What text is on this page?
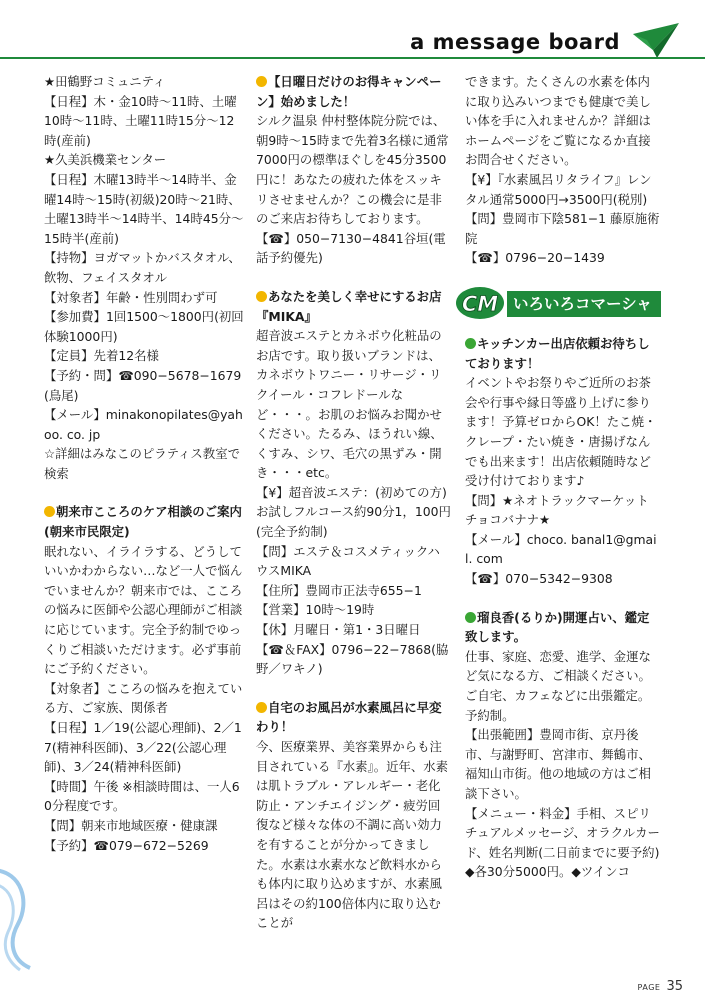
a message board

★田鶴野コミュニティ

【日程】木・金10時〜11時、土曜10時〜11時、土曜11時15分〜12時(産前)

★久美浜機業センター

【日程】木曜13時半〜14時半、金曜14時〜15時(初級)20時〜21時、土曜13時半〜14時半、14時45分〜15時半(産前)

【持物】ヨガマットかバスタオル、飲物、フェイスタオル

【対象者】年齢・性別問わず可

【参加費】1回1500〜1800円(初回体験1000円)

【定員】先着12名様

【予約・問】☎090−5678−1679(鳥尾)

【メール】minakonopilates@yahoo. co. jp

☆詳細はみなこのピラティス教室で検索

朝来市こころのケア相談のご案内(朝来市民限定)

眠れない、イライラする、どうしていいかわからない…など一人で悩んでいませんか？朝来市では、こころの悩みに医師や公認心理師がご相談に応じています。完全予約制でゆっくりご相談いただけます。必ず事前にご予約ください。

【対象者】こころの悩みを抱えている方、ご家族、関係者

【日程】1／19(公認心理師)、2／17(精神科医師)、3／22(公認心理師)、3／24(精神科医師)

【時間】午後 ※相談時間は、一人60分程度です。

【問】朝来市地域医療・健康課

【予約】☎079−672−5269

【日曜日だけのお得キャンペーン】始めました！

シルク温泉 仲村整体院分院では、朝9時〜15時まで先着3名様に通常7000円の標準ほぐしを45分3500円に！あなたの疲れた体をスッキリさせませんか？この機会に是非のご来店お待ちしております。

【☎】050−7130−4841谷垣(電話予約優先)

あなたを美しく幸せにするお店『MIKA』

超音波エステとカネボウ化粧品のお店です。取り扱いブランドは、カネボウトワニー・リサージ・リクイール・コフレドールなど・・・。お肌のお悩みお聞かせください。たるみ、ほうれい線、くすみ、シワ、毛穴の黒ずみ・開き・・・etc。

【¥】超音波エステ：(初めての方)お試しフルコース約90分1，100円(完全予約制)

【問】エステ＆コスメティックハウスMIKA

【住所】豊岡市正法寺655−1

【営業】10時〜19時

【休】月曜日・第1・3日曜日

【☎＆FAX】0796−22−7868(脇野／ワキノ)

自宅のお風呂が水素風呂に早変わり！

今、医療業界、美容業界からも注目されている『水素』。近年、水素は肌トラブル・アレルギー・老化防止・アンチエイジング・疲労回復など様々な体の不調に高い効力を有することが分かってきました。水素は水素水など飲料水からも体内に取り込めますが、水素風呂はその約100倍体内に取り込むことが

できます。たくさんの水素を体内に取り込みいつまでも健康で美しい体を手に入れませんか？詳細はホームページをご覧になるか直接お問合せください。

【¥】『水素風呂リタライフ』レンタル通常5000円→3500円(税別)

【問】豊岡市下陰581−1 藤原施術院

【☎】0796−20−1439

CM いろいろコマーシャル

キッチンカー出店依頼お待ちしております！

イベントやお祭りやご近所のお茶会や行事や縁日等盛り上げに参ります！予算ゼロからOK！たこ焼・クレープ・たい焼き・唐揚げなんでも出来ます！出店依頼随時など受け付けております♪

【問】★ネオトラックマーケットチョコバナナ★

【メール】choco. banal1@gmail. com

【☎】070−5342−9308

瑠良香(るりか)開運占い、鑑定致します。

仕事、家庭、恋愛、進学、金運など気になる方、ご相談ください。ご自宅、カフェなどに出張鑑定。予約制。

【出張範囲】豊岡市街、京丹後市、与謝野町、宮津市、舞鶴市、福知山市街。他の地域の方はご相談下さい。

【メニュー・料金】手相、スピリチュアルメッセージ、オラクルカード、姓名判断(二日前までに要予約)

◆各30分5000円。◆ツインコ

PAGE 35
